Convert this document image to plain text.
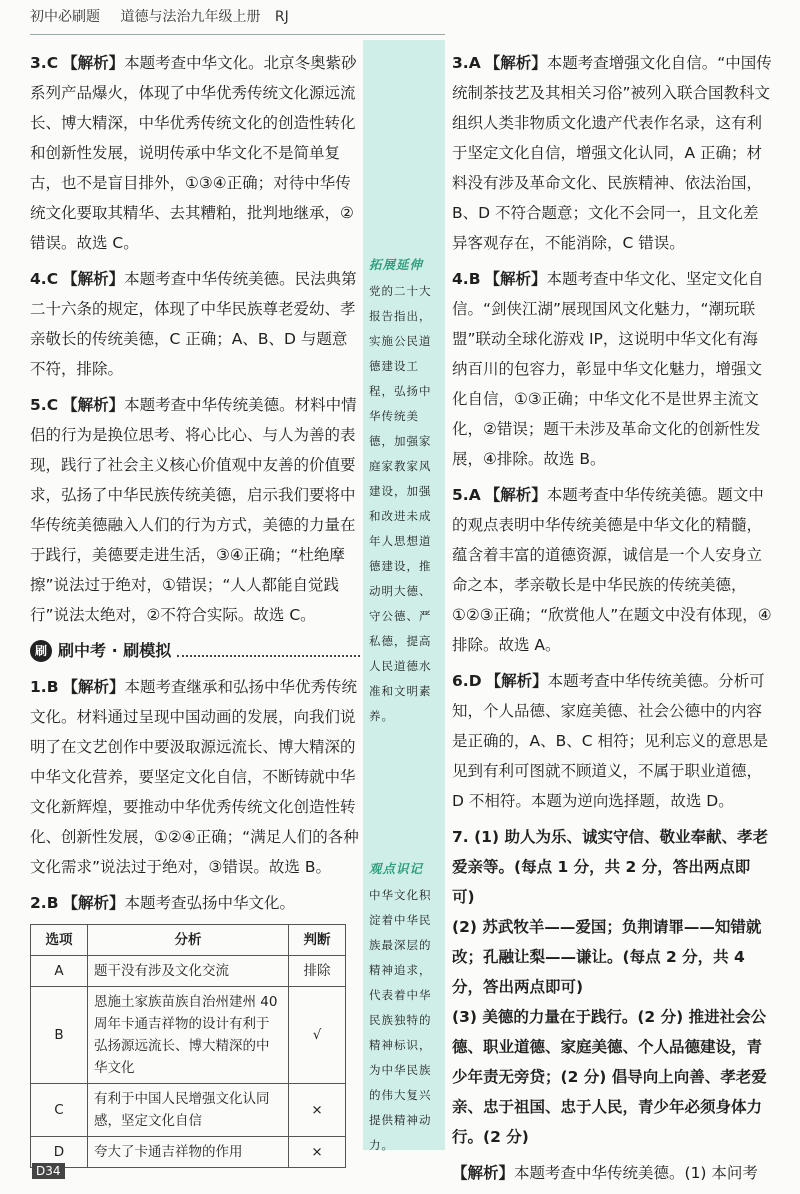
初中必刷题 道德与法治九年级上册 RJ
3.C 【解析】本题考查中华文化。北京冬奥紫砂系列产品爆火，体现了中华优秀传统文化源远流长、博大精深，中华优秀传统文化的创造性转化和创新性发展，说明传承中华文化不是简单复古，也不是盲目排外，①③④正确；对待中华传统文化要取其精华、去其糟粕，批判地继承，②错误。故选 C。
4.C 【解析】本题考查中华传统美德。民法典第二十六条的规定，体现了中华民族尊老爱幼、孝亲敬长的传统美德，C 正确；A、B、D 与题意不符，排除。
5.C 【解析】本题考查中华传统美德。材料中情侣的行为是换位思考、将心比心、与人为善的表现，践行了社会主义核心价值观中友善的价值要求，弘扬了中华民族传统美德，启示我们要将中华传统美德融入人们的行为方式，美德的力量在于践行，美德要走进生活，③④正确；“杜绝摩擦”说法过于绝对，①错误；“人人都能自觉践行”说法太绝对，②不符合实际。故选 C。
刷 刷中考 · 刷模拟
1.B 【解析】本题考查继承和弘扬中华优秀传统文化。材料通过呈现中国动画的发展，向我们说明了在文艺创作中要汲取源远流长、博大精深的中华文化营养，要坚定文化自信，不断铸就中华文化新辉煌，要推动中华优秀传统文化创造性转化、创新性发展，①②④正确；“满足人们的各种文化需求”说法过于绝对，③错误。故选 B。
2.B 【解析】本题考查弘扬中华文化。
选项	分析	判断
A	题干没有涉及文化交流	排除
B	恩施土家族苗族自治州建州 40 周年卡通吉祥物的设计有利于弘扬源远流长、博大精深的中华文化	√
C	有利于中国人民增强文化认同感，坚定文化自信	×
D	夸大了卡通吉祥物的作用	×
拓展延伸
党的二十大报告指出，实施公民道德建设工程，弘扬中华传统美德，加强家庭家教家风建设，加强和改进未成年人思想道德建设，推动明大德、守公德、严私德，提高人民道德水准和文明素养。
观点识记
中华文化积淀着中华民族最深层的精神追求，代表着中华民族独特的精神标识，为中华民族的伟大复兴提供精神动力。
3.A 【解析】本题考查增强文化自信。“中国传统制茶技艺及其相关习俗”被列入联合国教科文组织人类非物质文化遗产代表作名录，这有利于坚定文化自信，增强文化认同，A 正确；材料没有涉及革命文化、民族精神、依法治国，B、D 不符合题意；文化不会同一，且文化差异客观存在，不能消除，C 错误。
4.B 【解析】本题考查中华文化、坚定文化自信。“剑侠江湖”展现国风文化魅力，“潮玩联盟”联动全球化游戏 IP，这说明中华文化有海纳百川的包容力，彰显中华文化魅力，增强文化自信，①③正确；中华文化不是世界主流文化，②错误；题干未涉及革命文化的创新性发展，④排除。故选 B。
5.A 【解析】本题考查中华传统美德。题文中的观点表明中华传统美德是中华文化的精髓，蕴含着丰富的道德资源，诚信是一个人安身立命之本，孝亲敬长是中华民族的传统美德，①②③正确；“欣赏他人”在题文中没有体现，④排除。故选 A。
6.D 【解析】本题考查中华传统美德。分析可知，个人品德、家庭美德、社会公德中的内容是正确的，A、B、C 相符；见利忘义的意思是见到有利可图就不顾道义，不属于职业道德，D 不相符。本题为逆向选择题，故选 D。
7. (1) 助人为乐、诚实守信、敬业奉献、孝老爱亲等。(每点 1 分，共 2 分，答出两点即可)
(2) 苏武牧羊——爱国；负荆请罪——知错就改；孔融让梨——谦让。(每点 2 分，共 4 分，答出两点即可)
(3) 美德的力量在于践行。(2 分) 推进社会公德、职业道德、家庭美德、个人品德建设，青少年责无旁贷；(2 分) 倡导向上向善、孝老爱亲、忠于祖国、忠于人民，青少年必须身体力行。(2 分)
【解析】本题考查中华传统美德。(1) 本问考
D34
